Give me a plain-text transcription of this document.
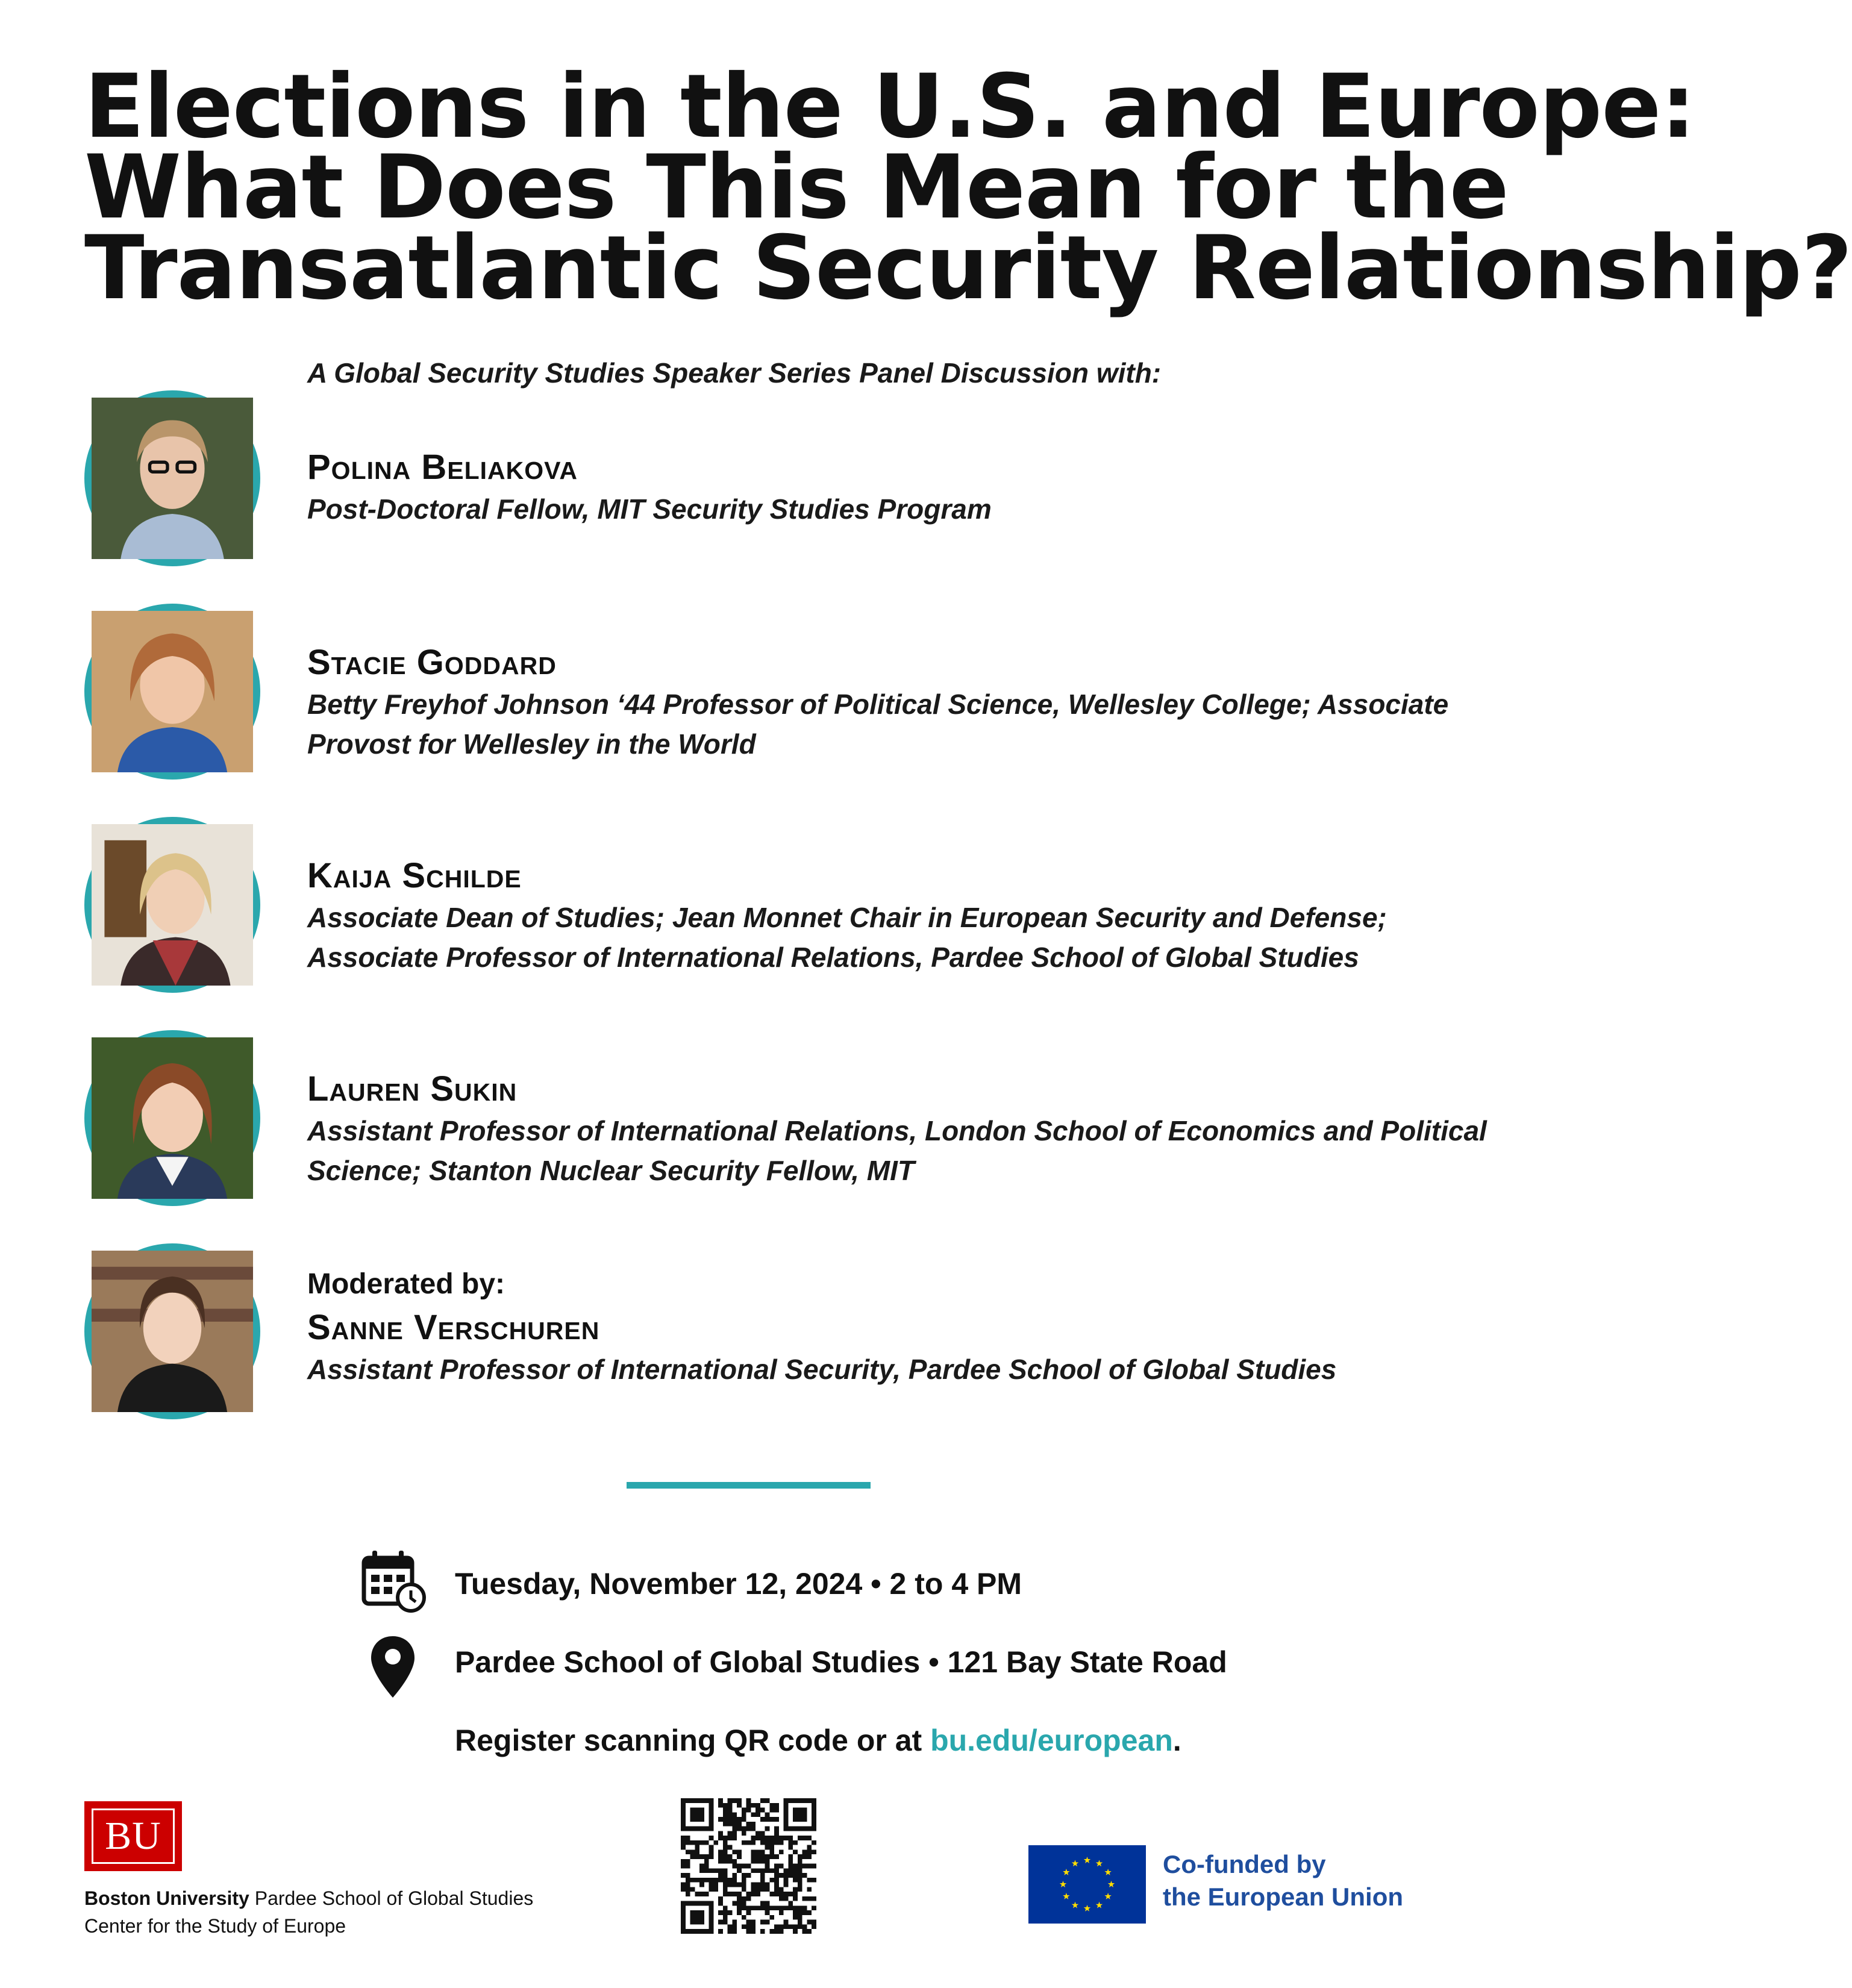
Elections in the U.S. and Europe:
What Does This Mean for the
Transatlantic Security Relationship?
A Global Security Studies Speaker Series Panel Discussion with:
Polina Beliakova
Post-Doctoral Fellow, MIT Security Studies Program
Stacie Goddard
Betty Freyhof Johnson ‘44 Professor of Political Science, Wellesley College; Associate
Provost for Wellesley in the World
Kaija Schilde
Associate Dean of Studies; Jean Monnet Chair in European Security and Defense;
Associate Professor of International Relations, Pardee School of Global Studies
Lauren Sukin
Assistant Professor of International Relations, London School of Economics and Political
Science; Stanton Nuclear Security Fellow, MIT
Moderated by:
Sanne Verschuren
Assistant Professor of International Security, Pardee School of Global Studies
Tuesday, November 12, 2024 • 2 to 4 PM
Pardee School of Global Studies • 121 Bay State Road
Register scanning QR code or at bu.edu/european.
BU
Boston University Pardee School of Global Studies
Center for the Study of Europe
Co-funded by
the European Union
